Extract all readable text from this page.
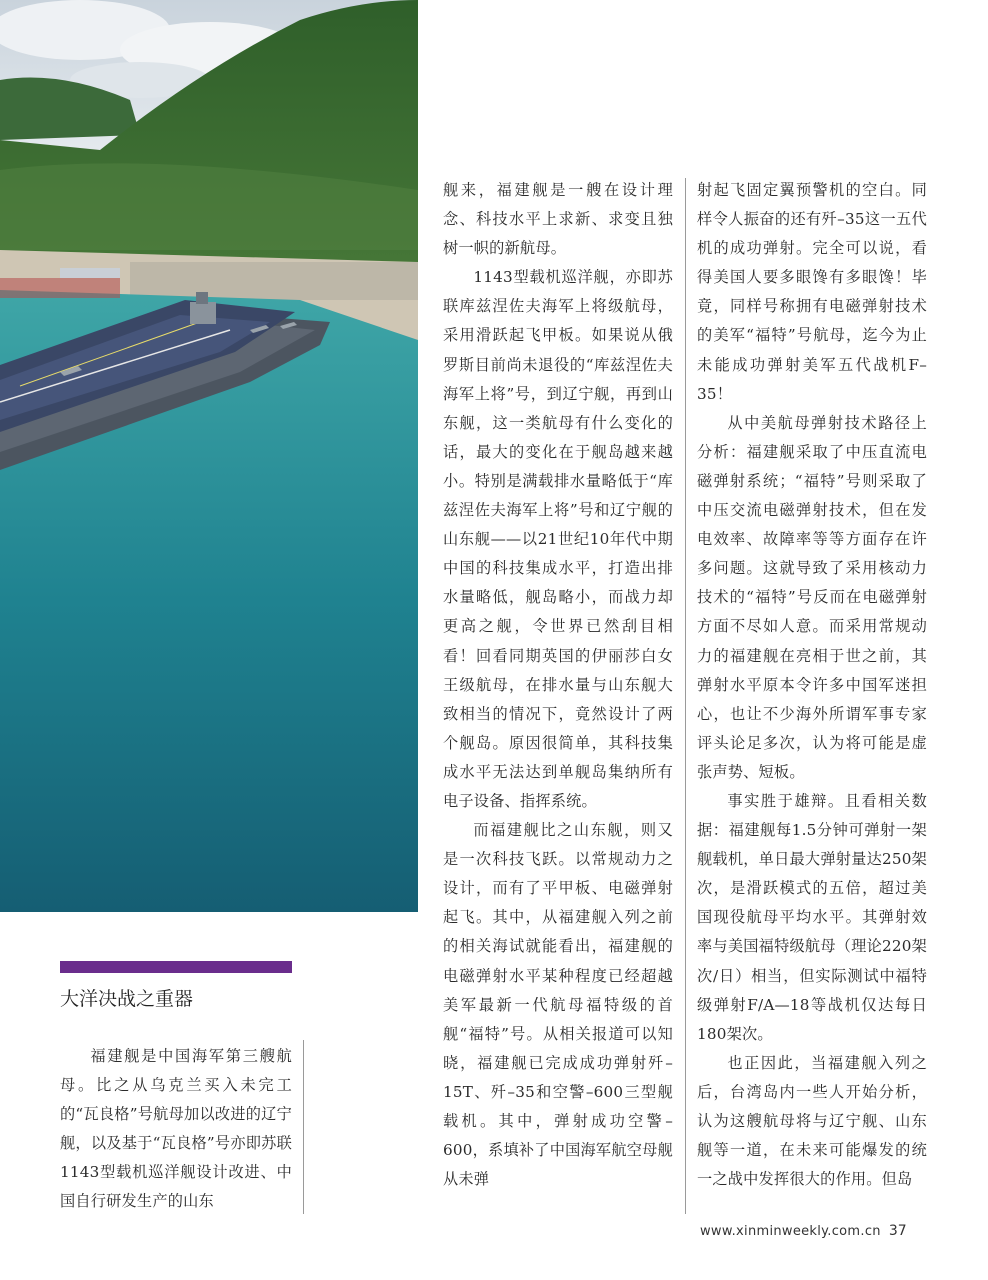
舰来，福建舰是一艘在设计理念、科技水平上求新、求变且独树一帜的新航母。

1143型载机巡洋舰，亦即苏联库兹涅佐夫海军上将级航母，采用滑跃起飞甲板。如果说从俄罗斯目前尚未退役的“库兹涅佐夫海军上将”号，到辽宁舰，再到山东舰，这一类航母有什么变化的话，最大的变化在于舰岛越来越小。特别是满载排水量略低于“库兹涅佐夫海军上将”号和辽宁舰的山东舰——以21世纪10年代中期中国的科技集成水平，打造出排水量略低，舰岛略小，而战力却更高之舰，令世界已然刮目相看！回看同期英国的伊丽莎白女王级航母，在排水量与山东舰大致相当的情况下，竟然设计了两个舰岛。原因很简单，其科技集成水平无法达到单舰岛集纳所有电子设备、指挥系统。

而福建舰比之山东舰，则又是一次科技飞跃。以常规动力之设计，而有了平甲板、电磁弹射起飞。其中，从福建舰入列之前的相关海试就能看出，福建舰的电磁弹射水平某种程度已经超越美军最新一代航母福特级的首舰“福特”号。从相关报道可以知晓，福建舰已完成成功弹射歼–15T、歼–35和空警–600三型舰载机。其中，弹射成功空警–600，系填补了中国海军航空母舰从未弹

射起飞固定翼预警机的空白。同样令人振奋的还有歼–35这一五代机的成功弹射。完全可以说，看得美国人要多眼馋有多眼馋！毕竟，同样号称拥有电磁弹射技术的美军“福特”号航母，迄今为止未能成功弹射美军五代战机F–35！

从中美航母弹射技术路径上分析：福建舰采取了中压直流电磁弹射系统；“福特”号则采取了中压交流电磁弹射技术，但在发电效率、故障率等等方面存在许多问题。这就导致了采用核动力技术的“福特”号反而在电磁弹射方面不尽如人意。而采用常规动力的福建舰在亮相于世之前，其弹射水平原本令许多中国军迷担心，也让不少海外所谓军事专家评头论足多次，认为将可能是虚张声势、短板。

事实胜于雄辩。且看相关数据：福建舰每1.5分钟可弹射一架舰载机，单日最大弹射量达250架次，是滑跃模式的五倍，超过美国现役航母平均水平。其弹射效率与美国福特级航母（理论220架次/日）相当，但实际测试中福特级弹射F/A—18等战机仅达每日180架次。

也正因此，当福建舰入列之后，台湾岛内一些人开始分析，认为这艘航母将与辽宁舰、山东舰等一道，在未来可能爆发的统一之战中发挥很大的作用。但岛

大洋决战之重器

福建舰是中国海军第三艘航母。比之从乌克兰买入未完工的“瓦良格”号航母加以改进的辽宁舰，以及基于“瓦良格”号亦即苏联1143型载机巡洋舰设计改进、中国自行研发生产的山东

www.xinminweekly.com.cn 37
